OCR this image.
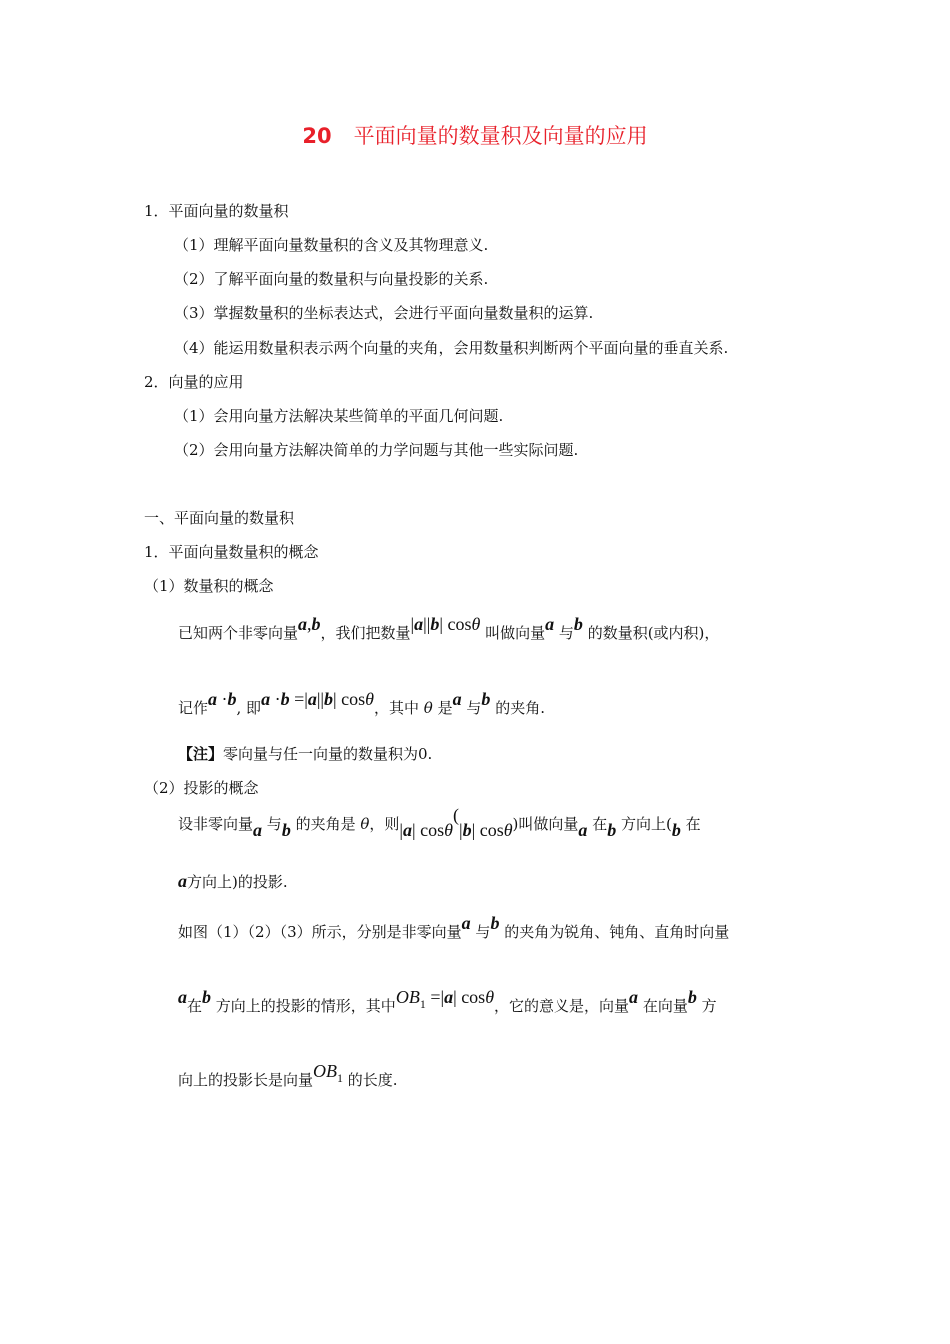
20 平面向量的数量积及向量的应用
1．平面向量的数量积
（1）理解平面向量数量积的含义及其物理意义.
（2）了解平面向量的数量积与向量投影的关系.
（3）掌握数量积的坐标表达式，会进行平面向量数量积的运算.
（4）能运用数量积表示两个向量的夹角，会用数量积判断两个平面向量的垂直关系.
2．向量的应用
（1）会用向量方法解决某些简单的平面几何问题.
（2）会用向量方法解决简单的力学问题与其他一些实际问题.
一、平面向量的数量积
1．平面向量数量积的概念
（1）数量积的概念
已知两个非零向量a,b，我们把数量|a||b| cosθ 叫做向量a 与b 的数量积(或内积)，
记作a ·b, 即a ·b =|a||b| cosθ，其中 θ 是a 与b 的夹角.
【注】零向量与任一向量的数量积为0.
（2）投影的概念
设非零向量a 与b 的夹角是 θ，则|a| cosθ(|b| cosθ)叫做向量a 在b 方向上(b 在
a方向上)的投影.
如图（1）（2）（3）所示，分别是非零向量a 与b 的夹角为锐角、钝角、直角时向量
a在b 方向上的投影的情形，其中$OB_1 =|a|$ cosθ，它的意义是，向量a 在向量b 方
向上的投影长是向量$OB_1$ 的长度.
